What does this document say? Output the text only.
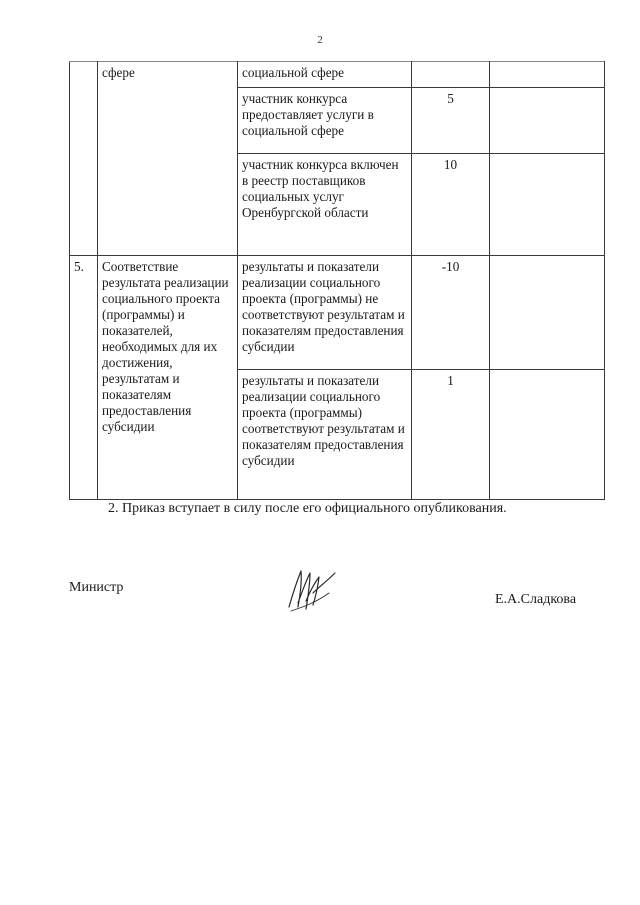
2
	сфере	социальной сфере		
		участник конкурса предоставляет услуги в социальной сфере	5	
		участник конкурса включен в реестр поставщиков социальных услуг Оренбургской области	10	
5.	Соответствие результата реализации социального проекта (программы) и показателей, необходимых для их достижения, результатам и показателям предоставления субсидии	результаты и показатели реализации социального проекта (программы) не соответствуют результатам и показателям предоставления субсидии	-10	
		результаты и показатели реализации социального проекта (программы) соответствуют результатам и показателям предоставления субсидии	1	
2. Приказ вступает в силу после его официального опубликования.
Министр
Е.А.Сладкова
